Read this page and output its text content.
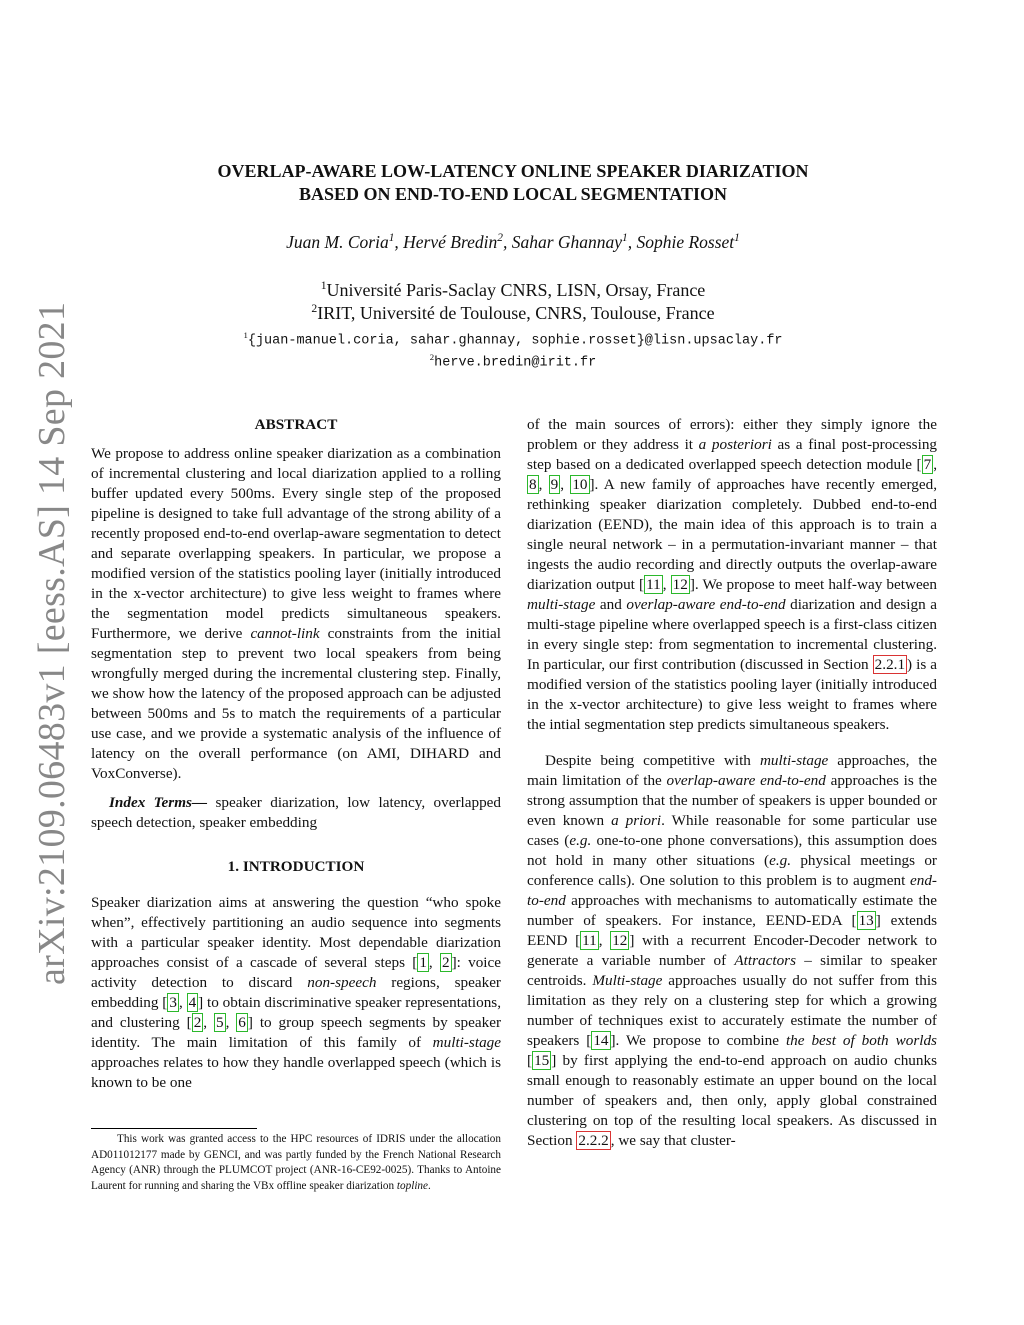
arXiv:2109.06483v1 [eess.AS] 14 Sep 2021
OVERLAP-AWARE LOW-LATENCY ONLINE SPEAKER DIARIZATION
BASED ON END-TO-END LOCAL SEGMENTATION
Juan M. Coria$^1$, Hervé Bredin$^2$, Sahar Ghannay$^1$, Sophie Rosset$^1$
$^1$Université Paris-Saclay CNRS, LISN, Orsay, France
$^2$IRIT, Université de Toulouse, CNRS, Toulouse, France
$^1${juan-manuel.coria, sahar.ghannay, sophie.rosset}@lisn.upsaclay.fr
$^2$herve.bredin@irit.fr
ABSTRACT

We propose to address online speaker diarization as a combination of incremental clustering and local diarization applied to a rolling buffer updated every 500ms. Every single step of the proposed pipeline is designed to take full advantage of the strong ability of a recently proposed end-to-end overlap-aware segmentation to detect and separate overlapping speakers. In particular, we propose a modified version of the statistics pooling layer (initially introduced in the x-vector architecture) to give less weight to frames where the segmentation model predicts simultaneous speakers. Furthermore, we derive cannot-link constraints from the initial segmentation step to prevent two local speakers from being wrongfully merged during the incremental clustering step. Finally, we show how the latency of the proposed approach can be adjusted between 500ms and 5s to match the requirements of a particular use case, and we provide a systematic analysis of the influence of latency on the overall performance (on AMI, DIHARD and VoxConverse).

Index Terms— speaker diarization, low latency, overlapped speech detection, speaker embedding

1. INTRODUCTION

Speaker diarization aims at answering the question “who spoke when”, effectively partitioning an audio sequence into segments with a particular speaker identity. Most dependable diarization approaches consist of a cascade of several steps [ 1 , 2 ]: voice activity detection to discard non-speech regions, speaker embedding [ 3 , 4 ] to obtain discriminative speaker representations, and clustering [ 2 , 5 , 6 ] to group speech segments by speaker identity. The main limitation of this family of multi-stage approaches relates to how they handle overlapped speech (which is known to be one

This work was granted access to the HPC resources of IDRIS under the allocation AD011012177 made by GENCI, and was partly funded by the French National Research Agency (ANR) through the PLUMCOT project (ANR-16-CE92-0025). Thanks to Antoine Laurent for running and sharing the VBx offline speaker diarization topline.

of the main sources of errors): either they simply ignore the problem or they address it a posteriori as a final post-processing step based on a dedicated overlapped speech detection module [ 7 , 8 , 9 , 10 ]. A new family of approaches have recently emerged, rethinking speaker diarization completely. Dubbed end-to-end diarization (EEND), the main idea of this approach is to train a single neural network – in a permutation-invariant manner – that ingests the audio recording and directly outputs the overlap-aware diarization output [ 11 , 12 ]. We propose to meet half-way between multi-stage and overlap-aware end-to-end diarization and design a multi-stage pipeline where overlapped speech is a first-class citizen in every single step: from segmentation to incremental clustering. In particular, our first contribution (discussed in Section 2.2.1 ) is a modified version of the statistics pooling layer (initially introduced in the x-vector architecture) to give less weight to frames where the intial segmentation step predicts simultaneous speakers.

Despite being competitive with multi-stage approaches, the main limitation of the overlap-aware end-to-end approaches is the strong assumption that the number of speakers is upper bounded or even known a priori. While reasonable for some particular use cases (e.g. one-to-one phone conversations), this assumption does not hold in many other situations (e.g. physical meetings or conference calls). One solution to this problem is to augment end-to-end approaches with mechanisms to automatically estimate the number of speakers. For instance, EEND-EDA [ 13 ] extends EEND [ 11 , 12 ] with a recurrent Encoder-Decoder network to generate a variable number of Attractors – similar to speaker centroids. Multi-stage approaches usually do not suffer from this limitation as they rely on a clustering step for which a growing number of techniques exist to accurately estimate the number of speakers [ 14 ]. We propose to combine the best of both worlds [ 15 ] by first applying the end-to-end approach on audio chunks small enough to reasonably estimate an upper bound on the local number of speakers and, then only, apply global constrained clustering on top of the resulting local speakers. As discussed in Section 2.2.2 , we say that cluster-
